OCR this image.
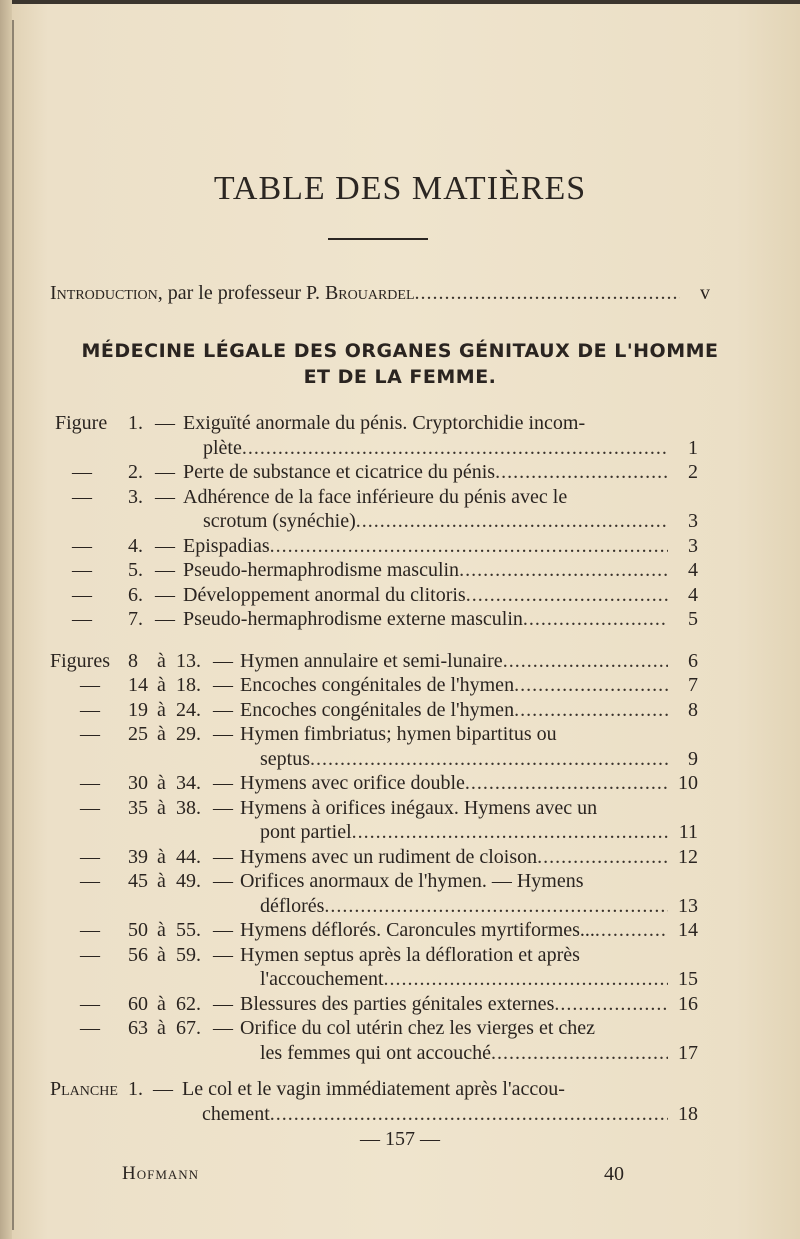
TABLE DES MATIÈRES
Introduction , par le professeur P. Brouardel .....	v
MÉDECINE LÉGALE DES ORGANES GÉNITAUX DE L'HOMME
ET DE LA FEMME.
Figure 1. — Exiguïté anormale du pénis. Cryptorchidie incom-
plète .....	1
— 2. — Perte de substance et cicatrice du pénis .....	2
— 3. — Adhérence de la face inférieure du pénis avec le
scrotum (synéchie) .....	3
— 4. — Epispadias .....	3
— 5. — Pseudo-hermaphrodisme masculin .....	4
— 6. — Développement anormal du clitoris .....	4
— 7. — Pseudo-hermaphrodisme externe masculin .....	5
Figures 8 à 13. — Hymen annulaire et semi-lunaire .....	6
— 14 à 18. — Encoches congénitales de l'hymen .....	7
— 19 à 24. — Encoches congénitales de l'hymen .....	8
— 25 à 29. — Hymen fimbriatus; hymen bipartitus ou
septus .....	9
— 30 à 34. — Hymens avec orifice double .....	10
— 35 à 38. — Hymens à orifices inégaux. Hymens avec un
pont partiel .....	11
— 39 à 44. — Hymens avec un rudiment de cloison .....	12
— 45 à 49. — Orifices anormaux de l'hymen. — Hymens
déflorés .....	13
— 50 à 55. — Hymens déflorés. Caroncules myrtiformes... .....	14
— 56 à 59. — Hymen septus après la défloration et après
l'accouchement .....	15
— 60 à 62. — Blessures des parties génitales externes .....	16
— 63 à 67. — Orifice du col utérin chez les vierges et chez
les femmes qui ont accouché .....	17
Planche 1. — Le col et le vagin immédiatement après l'accou-
chement .....	18
— 157 —
Hofmann	40
